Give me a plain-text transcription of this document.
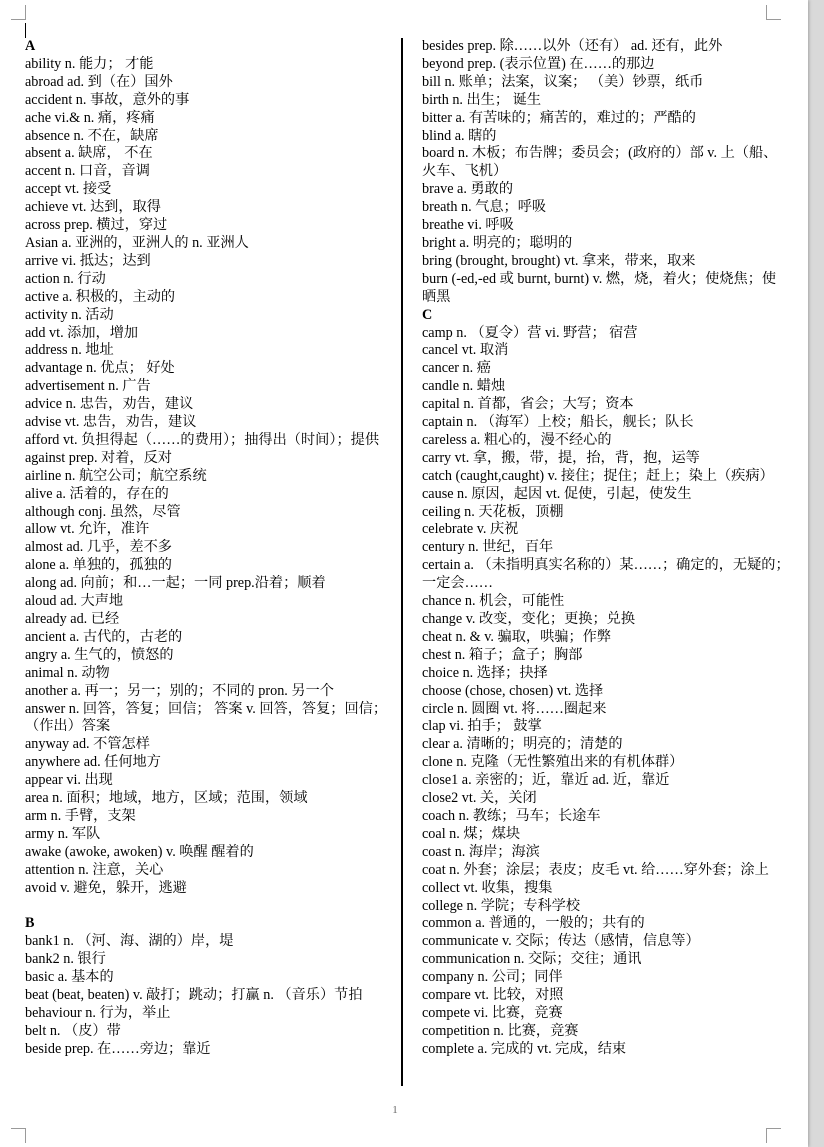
A
ability n. 能力； 才能
abroad ad. 到（在）国外
accident n. 事故，意外的事
ache vi.& n. 痛，疼痛
absence n. 不在，缺席
absent a. 缺席， 不在
accent n. 口音，音调
accept vt. 接受
achieve vt. 达到，取得
across prep. 横过，穿过
Asian a. 亚洲的，亚洲人的 n. 亚洲人
arrive vi. 抵达；达到
action n. 行动
active a. 积极的，主动的
activity n. 活动
add vt. 添加，增加
address n. 地址
advantage n. 优点； 好处
advertisement n. 广告
advice n. 忠告，劝告，建议
advise vt. 忠告，劝告，建议
afford vt. 负担得起（……的费用）；抽得出（时间）；提供
against prep. 对着，反对
airline n. 航空公司；航空系统
alive a. 活着的，存在的
although conj. 虽然，尽管
allow vt. 允许，准许
almost ad. 几乎，差不多
alone a. 单独的，孤独的
along ad. 向前；和…一起；一同 prep.沿着；顺着
aloud ad. 大声地
already ad. 已经
ancient a. 古代的，古老的
angry a. 生气的，愤怒的
animal n. 动物
another a. 再一；另一；别的；不同的 pron. 另一个
answer n. 回答，答复；回信； 答案 v. 回答，答复；回信；（作出）答案
anyway ad. 不管怎样
anywhere ad. 任何地方
appear vi. 出现
area n. 面积；地域，地方，区域；范围，领域
arm n. 手臂，支架
army n. 军队
awake (awoke, awoken) v. 唤醒 醒着的
attention n. 注意，关心
avoid v. 避免，躲开，逃避
B
bank1 n. （河、海、湖的）岸，堤
bank2 n. 银行
basic a. 基本的
beat (beat, beaten) v. 敲打；跳动；打赢 n. （音乐）节拍
behaviour n. 行为，举止
belt n. （皮）带
beside prep. 在……旁边；靠近
besides prep. 除……以外（还有） ad. 还有，此外
beyond prep. (表示位置) 在……的那边
bill n. 账单；法案，议案； （美）钞票，纸币
birth n. 出生； 诞生
bitter a. 有苦味的；痛苦的，难过的；严酷的
blind a. 瞎的
board n. 木板；布告牌；委员会；(政府的）部 v. 上（船、火车、飞机）
brave a. 勇敢的
breath n. 气息；呼吸
breathe vi. 呼吸
bright a. 明亮的；聪明的
bring (brought, brought) vt. 拿来，带来，取来
burn (-ed,-ed 或 burnt, burnt) v. 燃，烧，着火；使烧焦；使晒黑
C
camp n. （夏令）营 vi. 野营； 宿营
cancel vt. 取消
cancer n. 癌
candle n. 蜡烛
capital n. 首都，省会；大写；资本
captain n. （海军）上校；船长，舰长；队长
careless a. 粗心的，漫不经心的
carry vt. 拿，搬，带，提，抬，背，抱，运等
catch (caught,caught) v. 接住；捉住；赶上；染上（疾病）
cause n. 原因，起因 vt. 促使，引起，使发生
ceiling n. 天花板，顶棚
celebrate v. 庆祝
century n. 世纪，百年
certain a. （未指明真实名称的）某……；确定的，无疑的；一定会……
chance n. 机会，可能性
change v. 改变，变化；更换；兑换
cheat n. & v. 骗取，哄骗；作弊
chest n. 箱子；盒子；胸部
choice n. 选择；抉择
choose (chose, chosen) vt. 选择
circle n. 圆圈 vt. 将……圈起来
clap vi. 拍手； 鼓掌
clear a. 清晰的；明亮的；清楚的
clone n. 克隆（无性繁殖出来的有机体群）
close1 a. 亲密的；近，靠近 ad. 近，靠近
close2 vt. 关，关闭
coach n. 教练；马车；长途车
coal n. 煤；煤块
coast n. 海岸；海滨
coat n. 外套；涂层；表皮；皮毛 vt. 给……穿外套；涂上
collect vt. 收集，搜集
college n. 学院；专科学校
common a. 普通的，一般的；共有的
communicate v. 交际；传达（感情，信息等）
communication n. 交际；交往；通讯
company n. 公司；同伴
compare vt. 比较，对照
compete vi. 比赛，竞赛
competition n. 比赛，竞赛
complete a. 完成的 vt. 完成，结束
1
